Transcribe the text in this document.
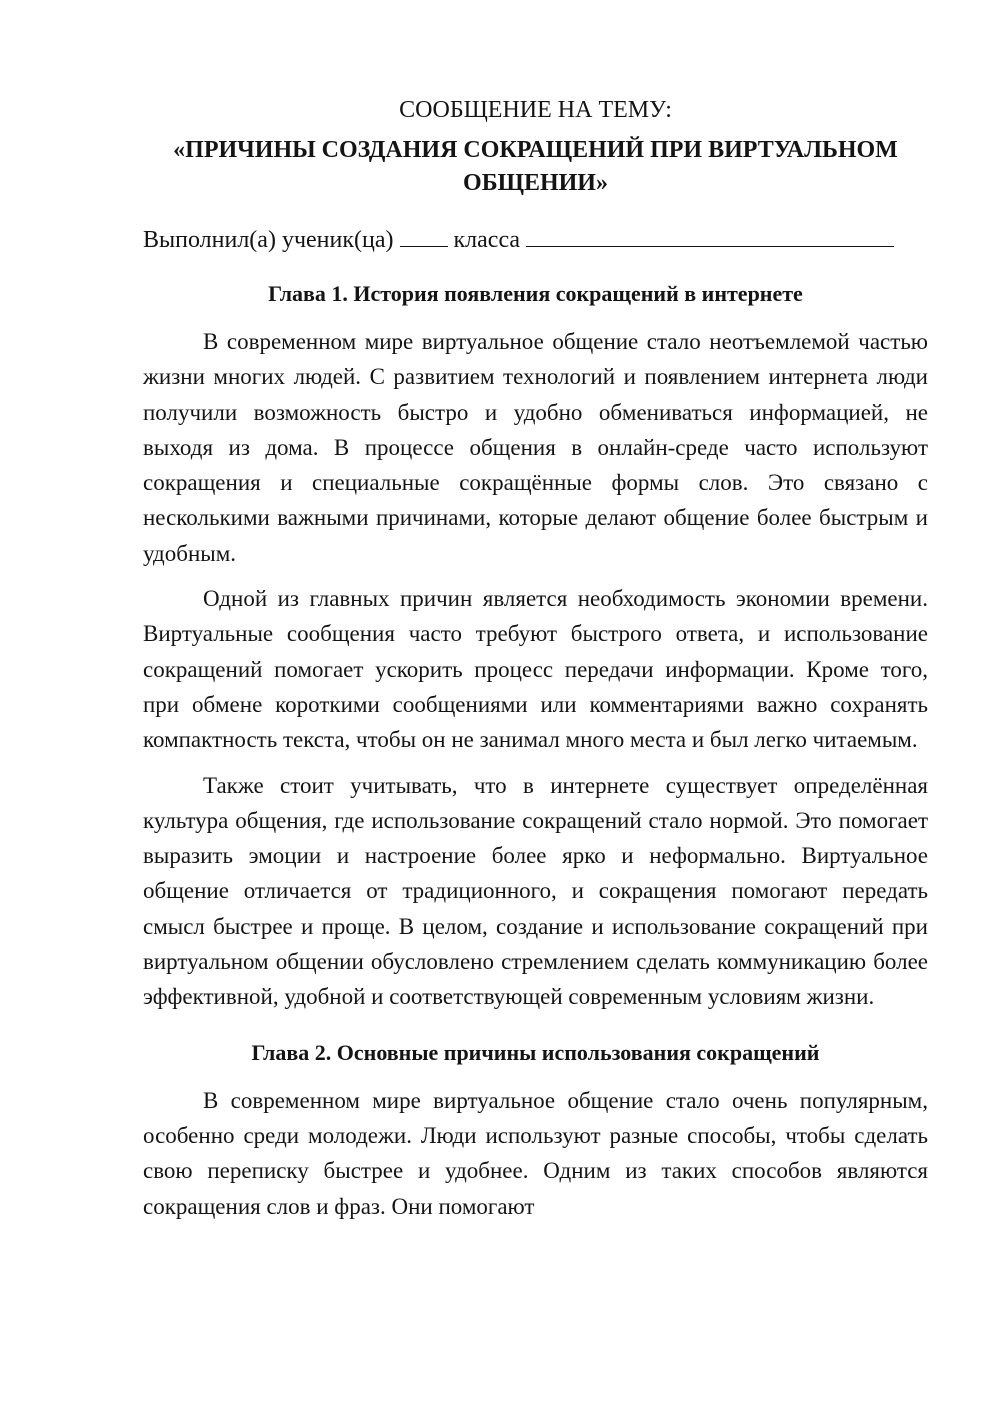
СООБЩЕНИЕ НА ТЕМУ:

«ПРИЧИНЫ СОЗДАНИЯ СОКРАЩЕНИЙ ПРИ ВИРТУАЛЬНОМ ОБЩЕНИИ»

Выполнил(а) ученик(ца)	класса

Глава 1. История появления сокращений в интернете

В современном мире виртуальное общение стало неотъемлемой частью жизни многих людей. С развитием технологий и появлением интернета люди получили возможность быстро и удобно обмениваться информацией, не выходя из дома. В процессе общения в онлайн-среде часто используют сокращения и специальные сокращённые формы слов. Это связано с несколькими важными причинами, которые делают общение более быстрым и удобным.

Одной из главных причин является необходимость экономии времени. Виртуальные сообщения часто требуют быстрого ответа, и использование сокращений помогает ускорить процесс передачи информации. Кроме того, при обмене короткими сообщениями или комментариями важно сохранять компактность текста, чтобы он не занимал много места и был легко читаемым.

Также стоит учитывать, что в интернете существует определённая культура общения, где использование сокращений стало нормой. Это помогает выразить эмоции и настроение более ярко и неформально. Виртуальное общение отличается от традиционного, и сокращения помогают передать смысл быстрее и проще. В целом, создание и использование сокращений при виртуальном общении обусловлено стремлением сделать коммуникацию более эффективной, удобной и соответствующей современным условиям жизни.

Глава 2. Основные причины использования сокращений

В современном мире виртуальное общение стало очень популярным, особенно среди молодежи. Люди используют разные способы, чтобы сделать свою переписку быстрее и удобнее. Одним из таких способов являются сокращения слов и фраз. Они помогают
